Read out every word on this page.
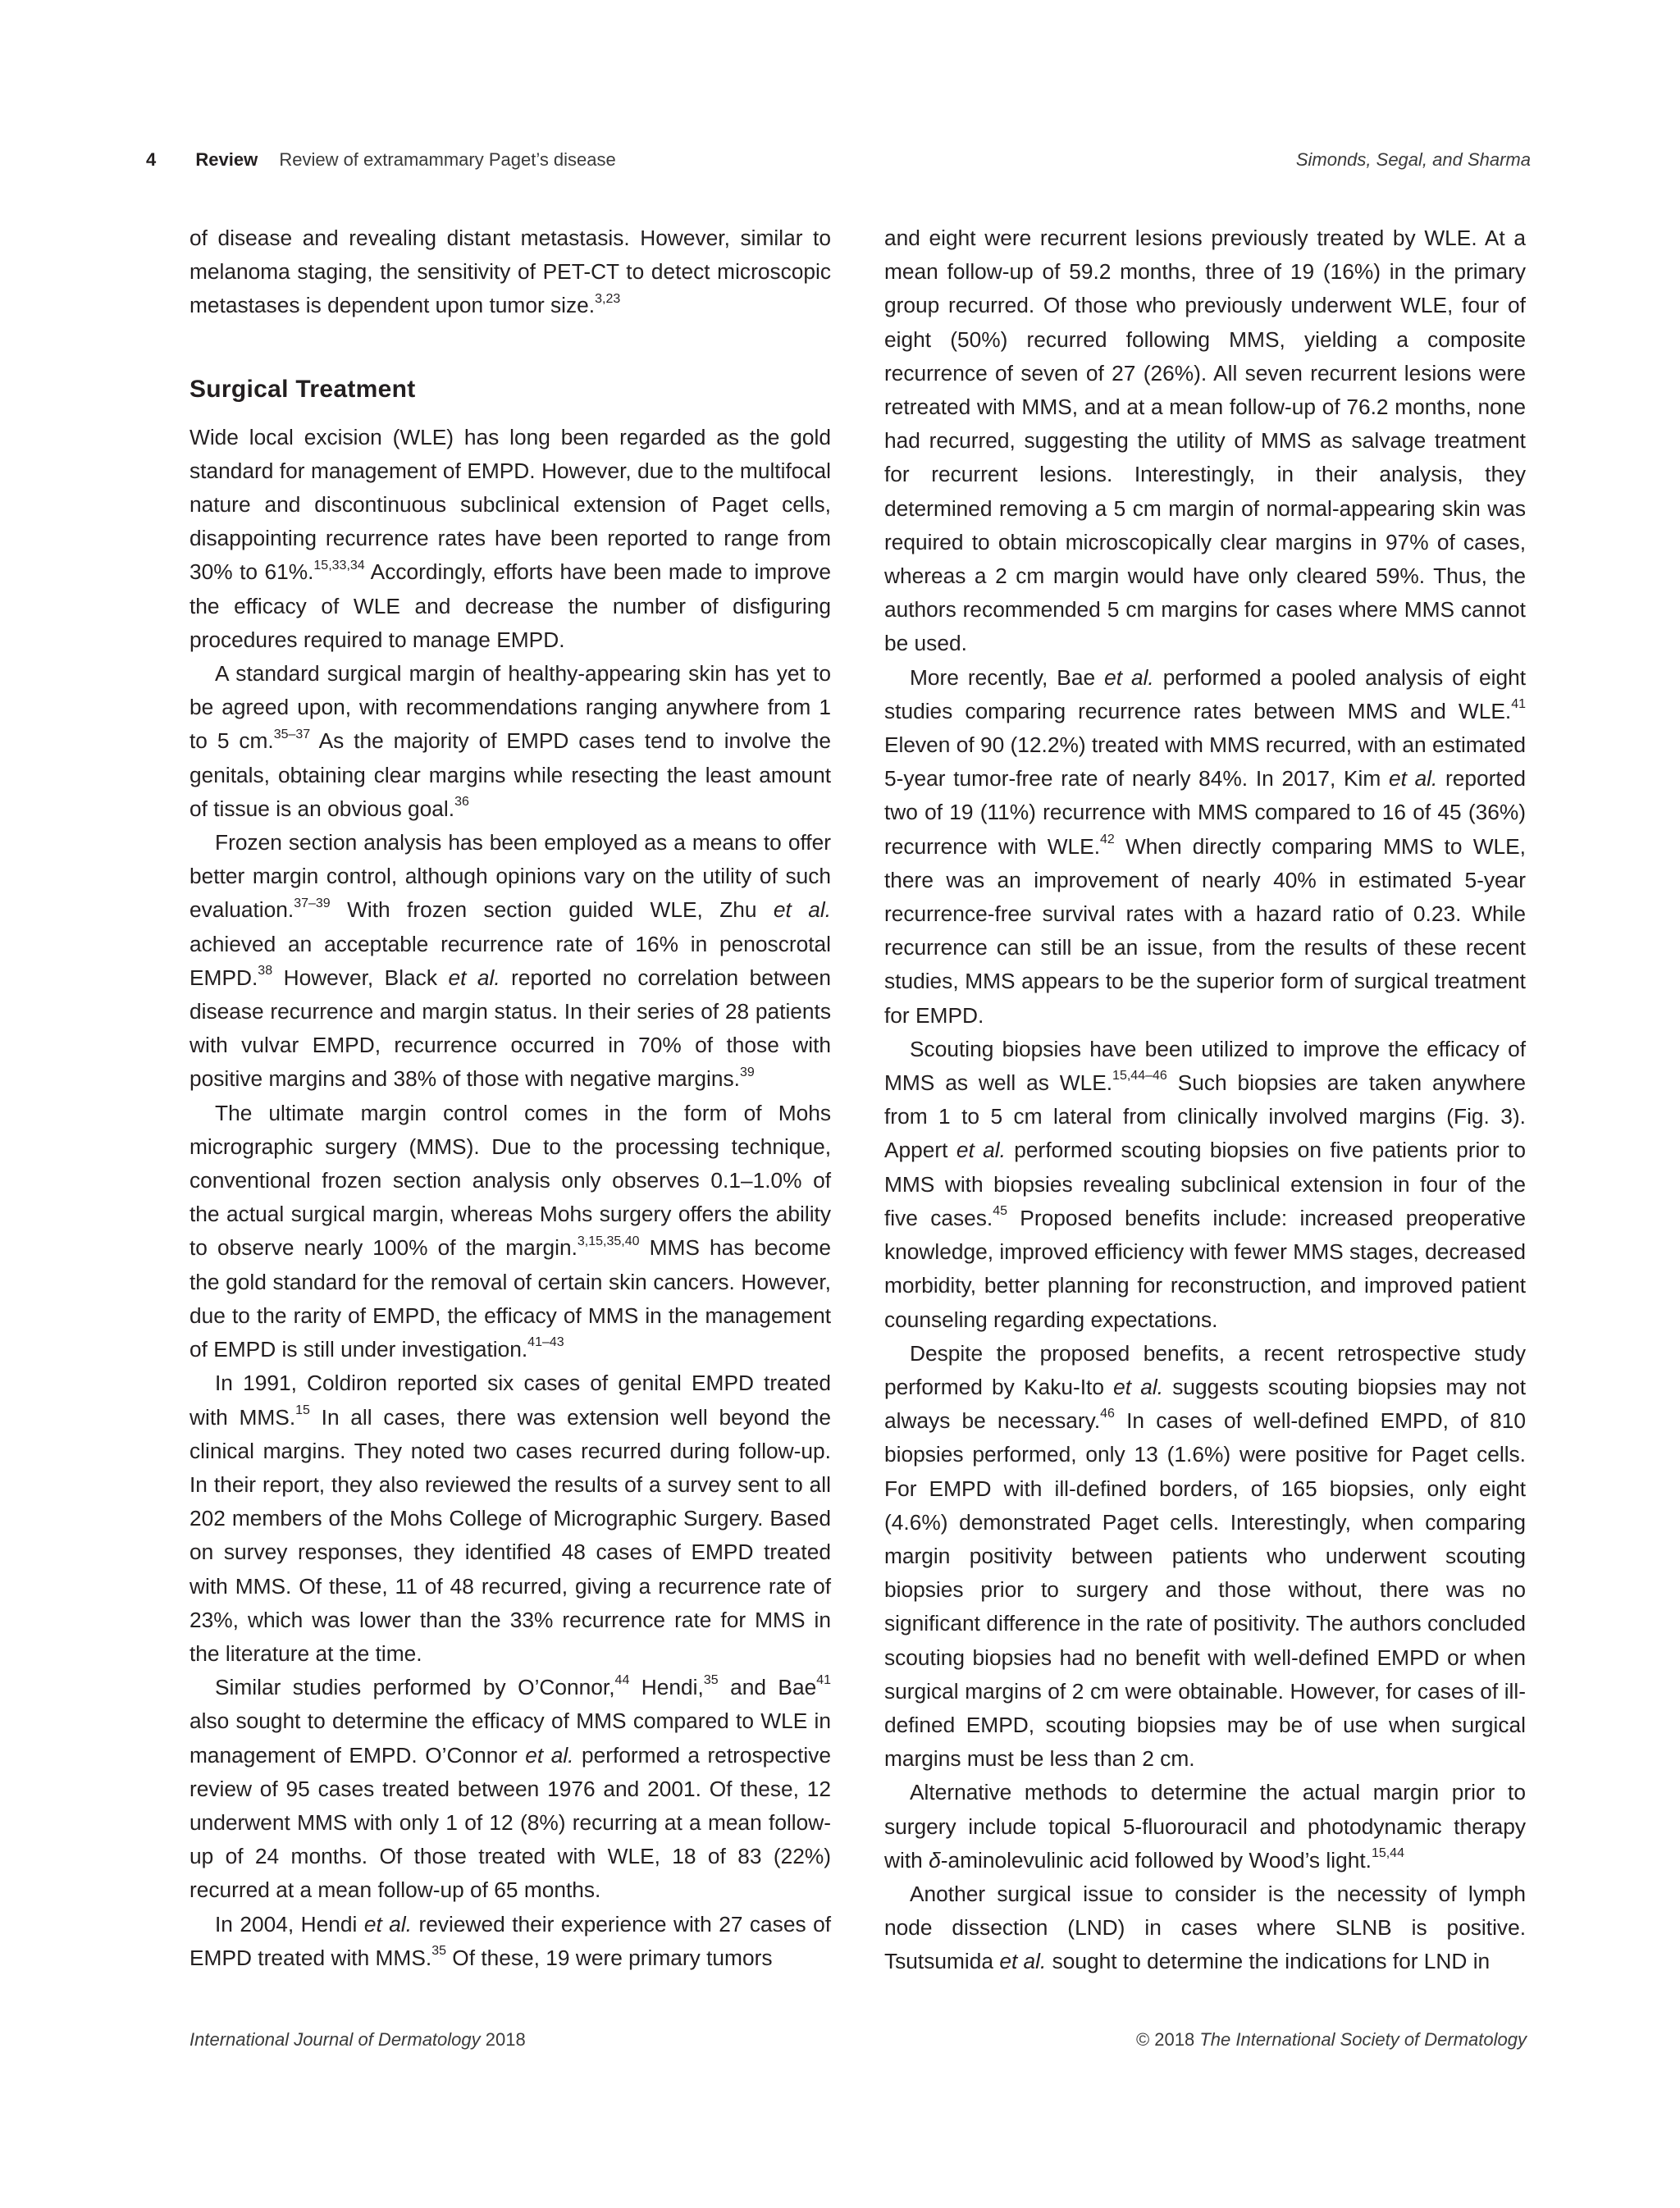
4 Review Review of extramammary Paget’s disease	Simonds, Segal, and Sharma

of disease and revealing distant metastasis. However, similar to melanoma staging, the sensitivity of PET-CT to detect microscopic metastases is dependent upon tumor size.$^{3,23}$

Surgical Treatment

Wide local excision (WLE) has long been regarded as the gold standard for management of EMPD. However, due to the multifocal nature and discontinuous subclinical extension of Paget cells, disappointing recurrence rates have been reported to range from 30% to 61%.$^{15,33,34}$ Accordingly, efforts have been made to improve the efficacy of WLE and decrease the number of disfiguring procedures required to manage EMPD.

A standard surgical margin of healthy-appearing skin has yet to be agreed upon, with recommendations ranging anywhere from 1 to 5 cm.$^{35-37}$ As the majority of EMPD cases tend to involve the genitals, obtaining clear margins while resecting the least amount of tissue is an obvious goal.$^{36}$

Frozen section analysis has been employed as a means to offer better margin control, although opinions vary on the utility of such evaluation.$^{37-39}$ With frozen section guided WLE, Zhu et al. achieved an acceptable recurrence rate of 16% in penoscrotal EMPD.$^{38}$ However, Black et al. reported no correlation between disease recurrence and margin status. In their series of 28 patients with vulvar EMPD, recurrence occurred in 70% of those with positive margins and 38% of those with negative margins.$^{39}$

The ultimate margin control comes in the form of Mohs micrographic surgery (MMS). Due to the processing technique, conventional frozen section analysis only observes 0.1–1.0% of the actual surgical margin, whereas Mohs surgery offers the ability to observe nearly 100% of the margin.$^{3,15,35,40}$ MMS has become the gold standard for the removal of certain skin cancers. However, due to the rarity of EMPD, the efficacy of MMS in the management of EMPD is still under investigation.$^{41-43}$

In 1991, Coldiron reported six cases of genital EMPD treated with MMS.$^{15}$ In all cases, there was extension well beyond the clinical margins. They noted two cases recurred during follow-up. In their report, they also reviewed the results of a survey sent to all 202 members of the Mohs College of Micrographic Surgery. Based on survey responses, they identified 48 cases of EMPD treated with MMS. Of these, 11 of 48 recurred, giving a recurrence rate of 23%, which was lower than the 33% recurrence rate for MMS in the literature at the time.

Similar studies performed by O’Connor,$^{44}$ Hendi,$^{35}$ and Bae$^{41}$ also sought to determine the efficacy of MMS compared to WLE in management of EMPD. O’Connor et al. performed a retrospective review of 95 cases treated between 1976 and 2001. Of these, 12 underwent MMS with only 1 of 12 (8%) recurring at a mean follow-up of 24 months. Of those treated with WLE, 18 of 83 (22%) recurred at a mean follow-up of 65 months.

In 2004, Hendi et al. reviewed their experience with 27 cases of EMPD treated with MMS.$^{35}$ Of these, 19 were primary tumors

and eight were recurrent lesions previously treated by WLE. At a mean follow-up of 59.2 months, three of 19 (16%) in the primary group recurred. Of those who previously underwent WLE, four of eight (50%) recurred following MMS, yielding a composite recurrence of seven of 27 (26%). All seven recurrent lesions were retreated with MMS, and at a mean follow-up of 76.2 months, none had recurred, suggesting the utility of MMS as salvage treatment for recurrent lesions. Interestingly, in their analysis, they determined removing a 5 cm margin of normal-appearing skin was required to obtain microscopically clear margins in 97% of cases, whereas a 2 cm margin would have only cleared 59%. Thus, the authors recommended 5 cm margins for cases where MMS cannot be used.

More recently, Bae et al. performed a pooled analysis of eight studies comparing recurrence rates between MMS and WLE.$^{41}$ Eleven of 90 (12.2%) treated with MMS recurred, with an estimated 5-year tumor-free rate of nearly 84%. In 2017, Kim et al. reported two of 19 (11%) recurrence with MMS compared to 16 of 45 (36%) recurrence with WLE.$^{42}$ When directly comparing MMS to WLE, there was an improvement of nearly 40% in estimated 5-year recurrence-free survival rates with a hazard ratio of 0.23. While recurrence can still be an issue, from the results of these recent studies, MMS appears to be the superior form of surgical treatment for EMPD.

Scouting biopsies have been utilized to improve the efficacy of MMS as well as WLE.$^{15,44-46}$ Such biopsies are taken anywhere from 1 to 5 cm lateral from clinically involved margins (Fig. 3). Appert et al. performed scouting biopsies on five patients prior to MMS with biopsies revealing subclinical extension in four of the five cases.$^{45}$ Proposed benefits include: increased preoperative knowledge, improved efficiency with fewer MMS stages, decreased morbidity, better planning for reconstruction, and improved patient counseling regarding expectations.

Despite the proposed benefits, a recent retrospective study performed by Kaku-Ito et al. suggests scouting biopsies may not always be necessary.$^{46}$ In cases of well-defined EMPD, of 810 biopsies performed, only 13 (1.6%) were positive for Paget cells. For EMPD with ill-defined borders, of 165 biopsies, only eight (4.6%) demonstrated Paget cells. Interestingly, when comparing margin positivity between patients who underwent scouting biopsies prior to surgery and those without, there was no significant difference in the rate of positivity. The authors concluded scouting biopsies had no benefit with well-defined EMPD or when surgical margins of 2 cm were obtainable. However, for cases of ill-defined EMPD, scouting biopsies may be of use when surgical margins must be less than 2 cm.

Alternative methods to determine the actual margin prior to surgery include topical 5-fluorouracil and photodynamic therapy with δ-aminolevulinic acid followed by Wood’s light.$^{15,44}$

Another surgical issue to consider is the necessity of lymph node dissection (LND) in cases where SLNB is positive. Tsutsumida et al. sought to determine the indications for LND in

International Journal of Dermatology 2018	© 2018 The International Society of Dermatology
